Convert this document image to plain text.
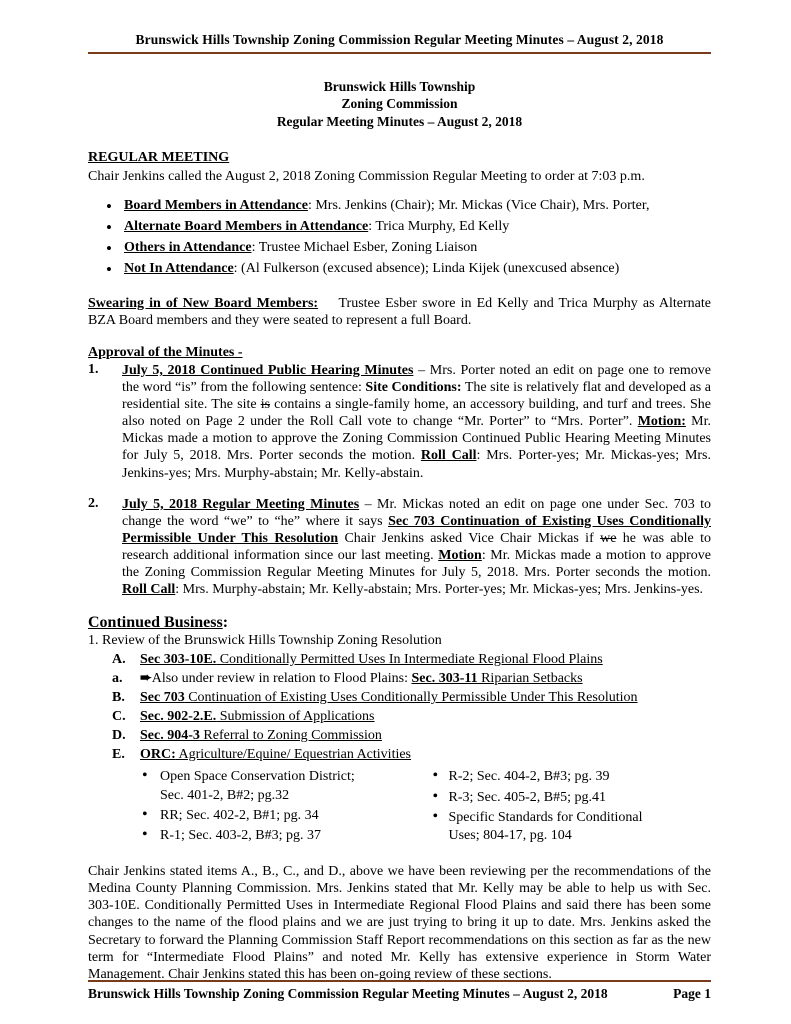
Brunswick Hills Township Zoning Commission Regular Meeting Minutes – August 2, 2018
Brunswick Hills Township
Zoning Commission
Regular Meeting Minutes – August 2, 2018
REGULAR MEETING

Chair Jenkins called the August 2, 2018 Zoning Commission Regular Meeting to order at 7:03 p.m.

• Board Members in Attendance: Mrs. Jenkins (Chair); Mr. Mickas (Vice Chair), Mrs. Porter,
• Alternate Board Members in Attendance: Trica Murphy, Ed Kelly
• Others in Attendance: Trustee Michael Esber, Zoning Liaison
• Not In Attendance: (Al Fulkerson (excused absence); Linda Kijek (unexcused absence)

Swearing in of New Board Members: Trustee Esber swore in Ed Kelly and Trica Murphy as Alternate BZA Board members and they were seated to represent a full Board.

Approval of the Minutes -
1.	July 5, 2018 Continued Public Hearing Minutes – Mrs. Porter noted an edit on page one to remove the word “is” from the following sentence: Site Conditions: The site is relatively flat and developed as a residential site. The site is contains a single-family home, an accessory building, and turf and trees. She also noted on Page 2 under the Roll Call vote to change “Mr. Porter” to “Mrs. Porter”. Motion: Mr. Mickas made a motion to approve the Zoning Commission Continued Public Hearing Meeting Minutes for July 5, 2018. Mrs. Porter seconds the motion. Roll Call: Mrs. Porter-yes; Mr. Mickas-yes; Mrs. Jenkins-yes; Mrs. Murphy-abstain; Mr. Kelly-abstain.
2.	July 5, 2018 Regular Meeting Minutes – Mr. Mickas noted an edit on page one under Sec. 703 to change the word “we” to “he” where it says Sec 703 Continuation of Existing Uses Conditionally Permissible Under This Resolution Chair Jenkins asked Vice Chair Mickas if we he was able to research additional information since our last meeting. Motion: Mr. Mickas made a motion to approve the Zoning Commission Regular Meeting Minutes for July 5, 2018. Mrs. Porter seconds the motion. Roll Call: Mrs. Murphy-abstain; Mr. Kelly-abstain; Mrs. Porter-yes; Mr. Mickas-yes; Mrs. Jenkins-yes.
Continued Business:
1. Review of the Brunswick Hills Township Zoning Resolution
A. Sec 303-10E. Conditionally Permitted Uses In Intermediate Regional Flood Plains
a. ➨Also under review in relation to Flood Plains: Sec. 303-11 Riparian Setbacks
B. Sec 703 Continuation of Existing Uses Conditionally Permissible Under This Resolution
C. Sec. 902-2.E. Submission of Applications
D. Sec. 904-3 Referral to Zoning Commission
E. ORC: Agriculture/Equine/ Equestrian Activities
• Open Space Conservation District;
Sec. 401-2, B#2; pg.32
• RR; Sec. 402-2, B#1; pg. 34
• R-1; Sec. 403-2, B#3; pg. 37
• R-2; Sec. 404-2, B#3; pg. 39
• R-3; Sec. 405-2, B#5; pg.41
• Specific Standards for Conditional
Uses; 804-17, pg. 104

Chair Jenkins stated items A., B., C., and D., above we have been reviewing per the recommendations of the Medina County Planning Commission. Mrs. Jenkins stated that Mr. Kelly may be able to help us with Sec. 303-10E. Conditionally Permitted Uses in Intermediate Regional Flood Plains and said there has been some changes to the name of the flood plains and we are just trying to bring it up to date. Mrs. Jenkins asked the Secretary to forward the Planning Commission Staff Report recommendations on this section as far as the new term for “Intermediate Flood Plains” and noted Mr. Kelly has extensive experience in Storm Water Management. Chair Jenkins stated this has been on-going review of these sections.

Brunswick Hills Township Zoning Commission Regular Meeting Minutes – August 2, 2018	Page 1
